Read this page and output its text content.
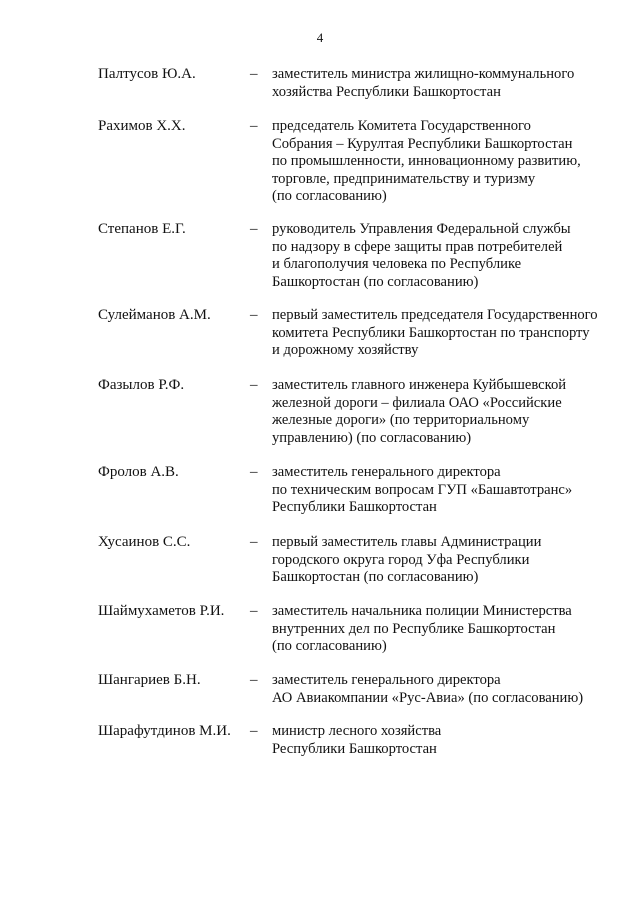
4
Палтусов Ю.А.	– заместитель министра жилищно-коммунального
хозяйства Республики Башкортостан
Рахимов Х.Х.	– председатель Комитета Государственного
Собрания – Курултая Республики Башкортостан
по промышленности, инновационному развитию,
торговле, предпринимательству и туризму
(по согласованию)
Степанов Е.Г.	– руководитель Управления Федеральной службы
по надзору в сфере защиты прав потребителей
и благополучия человека по Республике
Башкортостан (по согласованию)
Сулейманов А.М.	– первый заместитель председателя Государственного
комитета Республики Башкортостан по транспорту
и дорожному хозяйству
Фазылов Р.Ф.	– заместитель главного инженера Куйбышевской
железной дороги – филиала ОАО «Российские
железные дороги» (по территориальному
управлению) (по согласованию)
Фролов А.В.	– заместитель генерального директора
по техническим вопросам ГУП «Башавтотранс»
Республики Башкортостан
Хусаинов С.С.	– первый заместитель главы Администрации
городского округа город Уфа Республики
Башкортостан (по согласованию)
Шаймухаметов Р.И. – заместитель начальника полиции Министерства
внутренних дел по Республике Башкортостан
(по согласованию)
Шангариев Б.Н.	– заместитель генерального директора
АО Авиакомпании «Рус-Авиа» (по согласованию)
Шарафутдинов М.И. – министр лесного хозяйства
Республики Башкортостан
